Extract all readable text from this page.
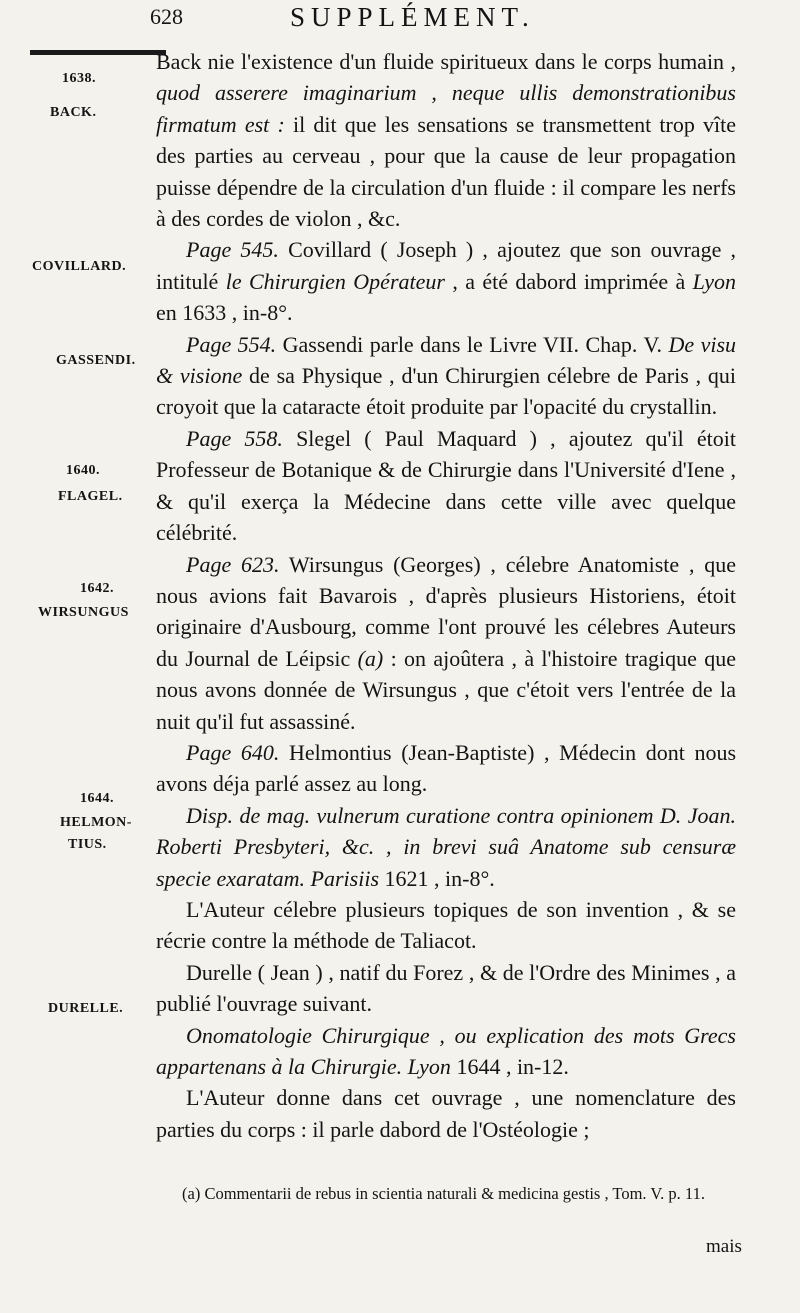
628	SUPPLÉMENT.
1638.
BACK.
COVILLARD.
GASSENDI.
1640.
FLAGEL.
1642.
WIRSUNGUS
1644.
HELMON-
TIUS.
DURELLE.

Back nie l'existence d'un fluide spiritueux dans le corps humain , quod asserere imaginarium , neque ullis demonstrationibus firmatum est : il dit que les sensations se transmettent trop vîte des parties au cerveau , pour que la cause de leur propagation puisse dépendre de la circulation d'un fluide : il compare les nerfs à des cordes de violon , &c.

Page 545. Covillard ( Joseph ) , ajoutez que son ouvrage , intitulé le Chirurgien Opérateur , a été dabord imprimée à Lyon en 1633 , in-8°.

Page 554. Gassendi parle dans le Livre VII. Chap. V. De visu & visione de sa Physique , d'un Chirurgien célebre de Paris , qui croyoit que la cataracte étoit produite par l'opacité du crystallin.

Page 558. Slegel ( Paul Maquard ) , ajoutez qu'il étoit Professeur de Botanique & de Chirurgie dans l'Université d'Iene , & qu'il exerça la Médecine dans cette ville avec quelque célébrité.

Page 623. Wirsungus (Georges) , célebre Anatomiste , que nous avions fait Bavarois , d'après plusieurs Historiens, étoit originaire d'Ausbourg, comme l'ont prouvé les célebres Auteurs du Journal de Léipsic (a) : on ajoûtera , à l'histoire tragique que nous avons donnée de Wirsungus , que c'étoit vers l'entrée de la nuit qu'il fut assassiné.

Page 640. Helmontius (Jean-Baptiste) , Médecin dont nous avons déja parlé assez au long.

Disp. de mag. vulnerum curatione contra opinionem D. Joan. Roberti Presbyteri, &c. , in brevi suâ Anatome sub censuræ specie exaratam. Parisiis 1621 , in-8°.

L'Auteur célebre plusieurs topiques de son invention , & se récrie contre la méthode de Taliacot.

Durelle ( Jean ) , natif du Forez , & de l'Ordre des Minimes , a publié l'ouvrage suivant.

Onomatologie Chirurgique , ou explication des mots Grecs appartenans à la Chirurgie. Lyon 1644 , in-12.

L'Auteur donne dans cet ouvrage , une nomenclature des parties du corps : il parle dabord de l'Ostéologie ;

(a) Commentarii de rebus in scientia naturali & medicina gestis , Tom. V. p. 11.
mais
